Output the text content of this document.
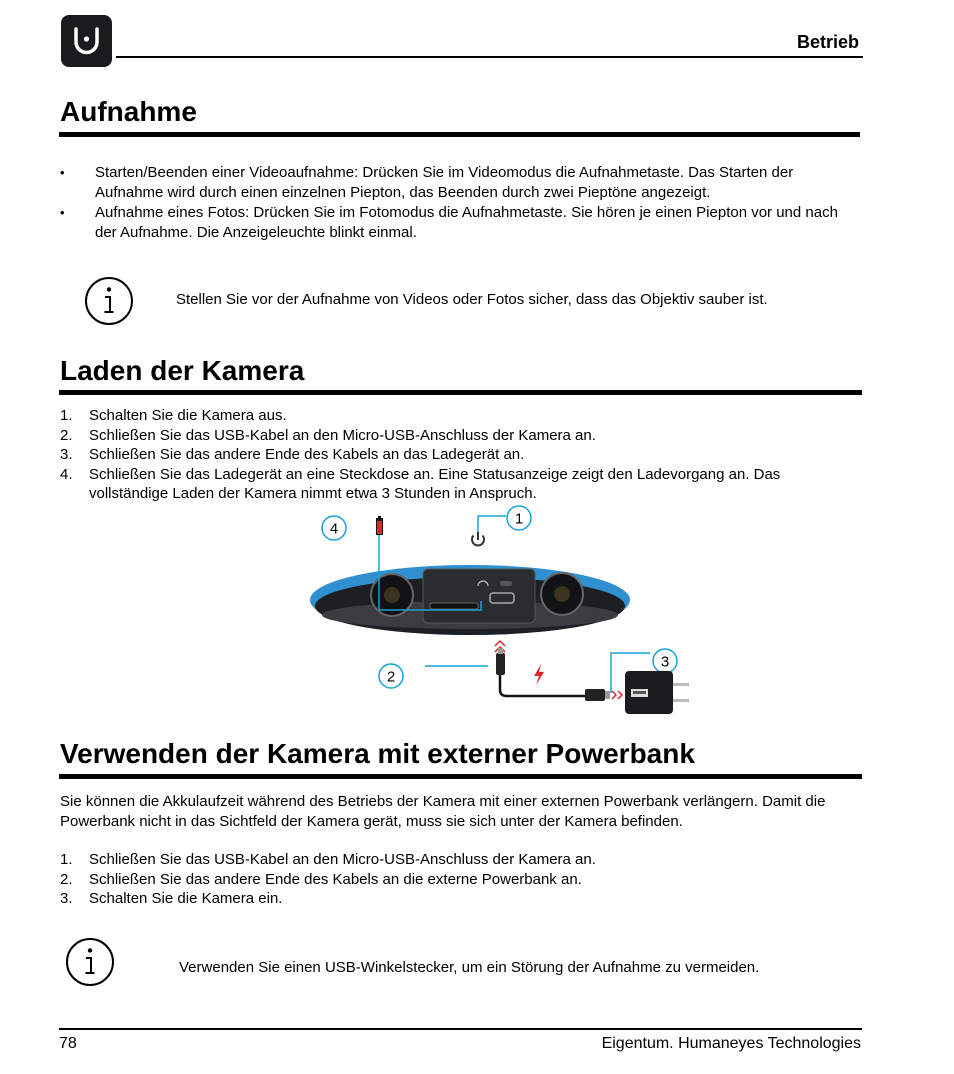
Betrieb
Aufnahme
• Starten/Beenden einer Videoaufnahme: Drücken Sie im Videomodus die Aufnahmetaste. Das Starten der Aufnahme wird durch einen einzelnen Piepton, das Beenden durch zwei Pieptöne angezeigt.
• Aufnahme eines Fotos: Drücken Sie im Fotomodus die Aufnahmetaste. Sie hören je einen Piepton vor und nach der Aufnahme. Die Anzeigeleuchte blinkt einmal.
Stellen Sie vor der Aufnahme von Videos oder Fotos sicher, dass das Objektiv sauber ist.
Laden der Kamera
1. Schalten Sie die Kamera aus.
2. Schließen Sie das USB-Kabel an den Micro-USB-Anschluss der Kamera an.
3. Schließen Sie das andere Ende des Kabels an das Ladegerät an.
4. Schließen Sie das Ladegerät an eine Steckdose an. Eine Statusanzeige zeigt den Ladevorgang an. Das vollständige Laden der Kamera nimmt etwa 3 Stunden in Anspruch.
4
1
2
3
Verwenden der Kamera mit externer Powerbank
Sie können die Akkulaufzeit während des Betriebs der Kamera mit einer externen Powerbank verlängern. Damit die Powerbank nicht in das Sichtfeld der Kamera gerät, muss sie sich unter der Kamera befinden.
1. Schließen Sie das USB-Kabel an den Micro-USB-Anschluss der Kamera an.
2. Schließen Sie das andere Ende des Kabels an die externe Powerbank an.
3. Schalten Sie die Kamera ein.
Verwenden Sie einen USB-Winkelstecker, um ein Störung der Aufnahme zu vermeiden.
78	Eigentum. Humaneyes Technologies
